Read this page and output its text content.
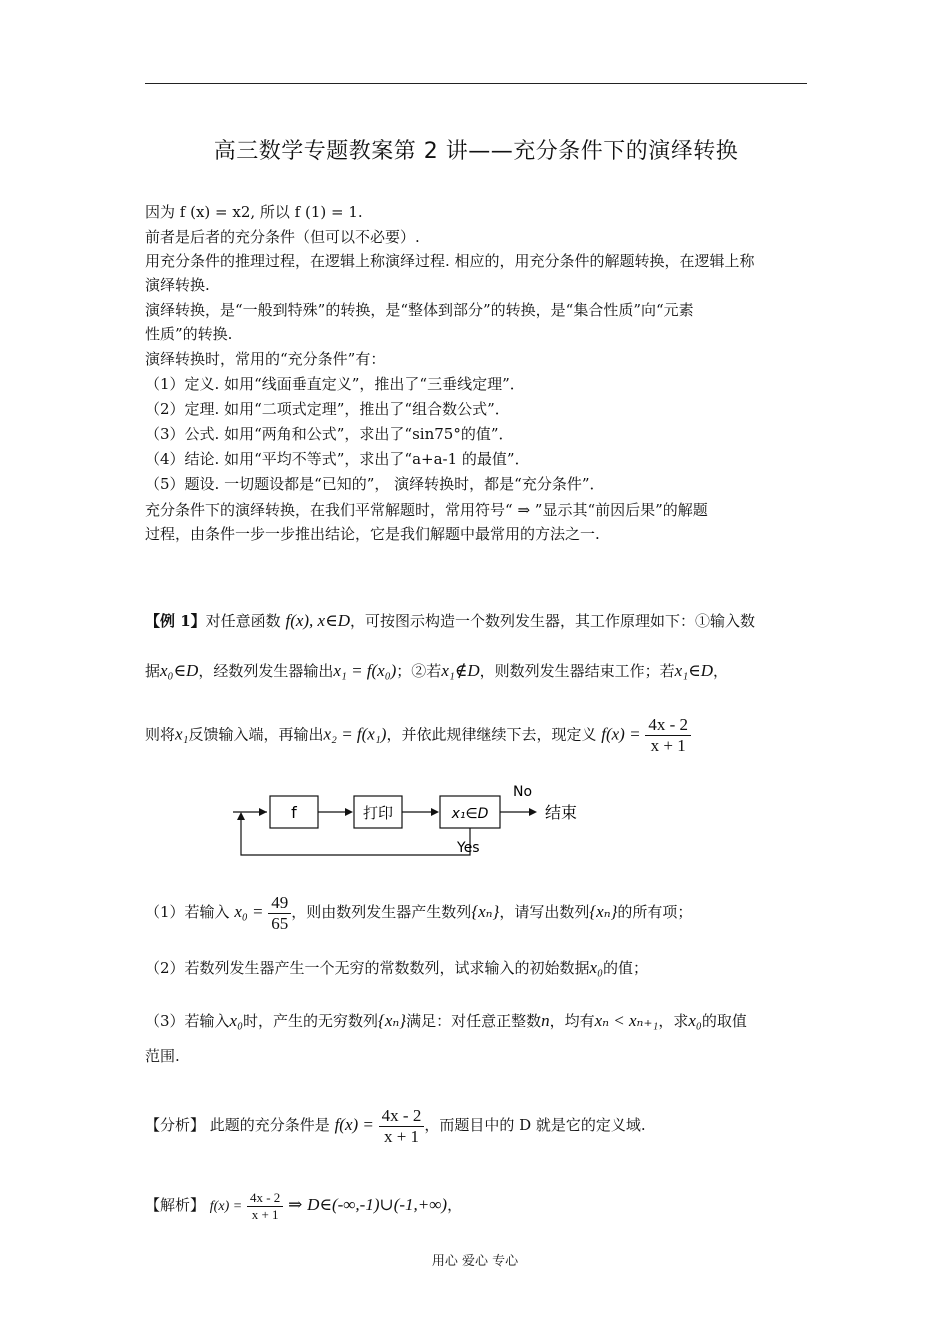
高三数学专题教案第 2 讲——充分条件下的演绎转换
因为 f (x) = x2, 所以 f (1) = 1.
前者是后者的充分条件（但可以不必要）.
用充分条件的推理过程，在逻辑上称演绎过程. 相应的，用充分条件的解题转换，在逻辑上称
演绎转换.
演绎转换，是“一般到特殊”的转换，是“整体到部分”的转换，是“集合性质”向“元素
性质”的转换.
演绎转换时，常用的“充分条件”有：
（1）定义. 如用“线面垂直定义”，推出了“三垂线定理”．
（2）定理. 如用“二项式定理”，推出了“组合数公式”．
（3）公式. 如用“两角和公式”，求出了“sin75°的值”．
（4）结论. 如用“平均不等式”，求出了“a+a-1 的最值”．
（5）题设. 一切题设都是“已知的”， 演绎转换时，都是“充分条件”．
充分条件下的演绎转换，在我们平常解题时，常用符号“ ⇒ ”显示其“前因后果”的解题
过程，由条件一步一步推出结论，它是我们解题中最常用的方法之一.
【例 1】对任意函数 f(x), x∈D，可按图示构造一个数列发生器，其工作原理如下：①输入数
据x₀∈D，经数列发生器输出x₁ = f(x₀)；②若x₁∉D，则数列发生器结束工作；若x₁∈D，
则将x₁反馈输入端，再输出x₂ = f(x₁)，并依此规律继续下去，现定义 $f(x) = \frac{4x - 2}{x + 1}$
f	打印	x₁∈D
No
结束
Yes
（1）若输入 $x_0 = \frac{49}{65}$ ，则由数列发生器产生数列{xₙ}，请写出数列{xₙ}的所有项；
（2）若数列发生器产生一个无穷的常数数列，试求输入的初始数据x₀的值；
（3）若输入x₀时，产生的无穷数列{xₙ}满足：对任意正整数n，均有xₙ < xₙ₊₁，求x₀的取值
范围.
【分析】 此题的充分条件是 $f(x) = \frac{4x - 2}{x + 1}$ ，而题目中的 D 就是它的定义域.
【解析】 $f(x) = \frac{4x - 2}{x + 1}$ ⇒ D∈(-∞,-1)∪(-1,+∞)，
用心 爱心 专心
